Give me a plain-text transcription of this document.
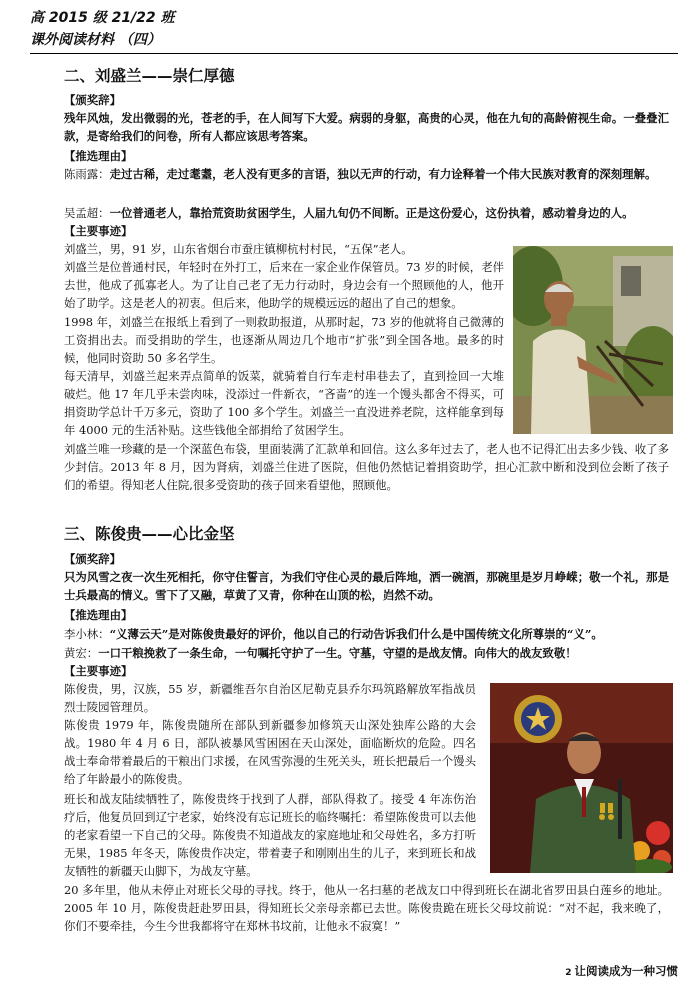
高 2015 级 21/22 班
课外阅读材料 （四）
二、刘盛兰——崇仁厚德
【颁奖辞】

残年风烛，发出微弱的光，苍老的手，在人间写下大爱。病弱的身躯，高贵的心灵，他在九旬的高龄俯视生命。一叠叠汇款，是寄给我们的问卷，所有人都应该思考答案。

【推选理由】

陈雨露：走过古稀，走过耄耋，老人没有更多的言语，独以无声的行动，有力诠释着一个伟大民族对教育的深刻理解。

吴孟超：一位普通老人，靠拾荒资助贫困学生，人届九旬仍不间断。正是这份爱心，这份执着，感动着身边的人。

【主要事迹】

刘盛兰，男，91 岁，山东省烟台市蚕庄镇柳杭村村民，“五保”老人。

刘盛兰是位普通村民，年轻时在外打工，后来在一家企业作保管员。73 岁的时候，老伴去世，他成了孤寡老人。为了让自己老了无力行动时，身边会有一个照顾他的人，他开始了助学。这是老人的初衷。但后来，他助学的规模远远的超出了自己的想象。

1998 年，刘盛兰在报纸上看到了一则救助报道，从那时起，73 岁的他就将自己微薄的工资捐出去。而受捐助的学生，也逐渐从周边几个地市“扩张”到全国各地。最多的时候，他同时资助 50 多名学生。

每天清早，刘盛兰起来弄点简单的饭菜，就骑着自行车走村串巷去了，直到捡回一大堆破烂。他 17 年几乎未尝肉味，没添过一件新衣，“吝啬”的连一个馒头都舍不得买，可捐资助学总计千万多元，资助了 100 多个学生。刘盛兰一直没进养老院，这样能拿到每年 4000 元的生活补贴。这些钱他全部捐给了贫困学生。

刘盛兰唯一珍藏的是一个深蓝色布袋，里面装满了汇款单和回信。这么多年过去了，老人也不记得汇出去多少钱、收了多少封信。2013 年 8 月，因为肾病，刘盛兰住进了医院，但他仍然惦记着捐资助学，担心汇款中断和没到位会断了孩子们的希望。得知老人住院,很多受资助的孩子回来看望他，照顾他。

三、陈俊贵——心比金坚
【颁奖辞】

只为风雪之夜一次生死相托，你守住誓言，为我们守住心灵的最后阵地，洒一碗酒，那碗里是岁月峥嵘；敬一个礼，那是士兵最高的情义。雪下了又融，草黄了又青，你种在山顶的松，岿然不动。

【推选理由】

李小林：“义薄云天”是对陈俊贵最好的评价，他以自己的行动告诉我们什么是中国传统文化所尊崇的“义”。

黄宏：一口干粮挽救了一条生命，一句嘱托守护了一生。守墓，守望的是战友情。向伟大的战友致敬！

【主要事迹】

陈俊贵，男，汉族，55 岁，新疆维吾尔自治区尼勒克县乔尔玛筑路解放军指战员烈士陵园管理员。

陈俊贵 1979 年，陈俊贵随所在部队到新疆参加修筑天山深处独库公路的大会战。1980 年 4 月 6 日，部队被暴风雪困困在天山深处，面临断炊的危险。四名战士奉命带着最后的干粮出门求援，在风雪弥漫的生死关头，班长把最后一个馒头给了年龄最小的陈俊贵。

班长和战友陆续牺牲了，陈俊贵终于找到了人群，部队得救了。接受 4 年冻伤治疗后，他复员回到辽宁老家，始终没有忘记班长的临终嘱托：希望陈俊贵可以去他的老家看望一下自己的父母。陈俊贵不知道战友的家庭地址和父母姓名，多方打听无果，1985 年冬天，陈俊贵作决定，带着妻子和刚刚出生的儿子，来到班长和战友牺牲的新疆天山脚下，为战友守墓。

20 多年里，他从未停止对班长父母的寻找。终于，他从一名扫墓的老战友口中得到班长在湖北省罗田县白莲乡的地址。2005 年 10 月，陈俊贵赶赴罗田县，得知班长父亲母亲都已去世。陈俊贵跪在班长父母坟前说：“对不起，我来晚了，你们不要牵挂，今生今世我都将守在郑林书坟前，让他永不寂寞！”

2 让阅读成为一种习惯
